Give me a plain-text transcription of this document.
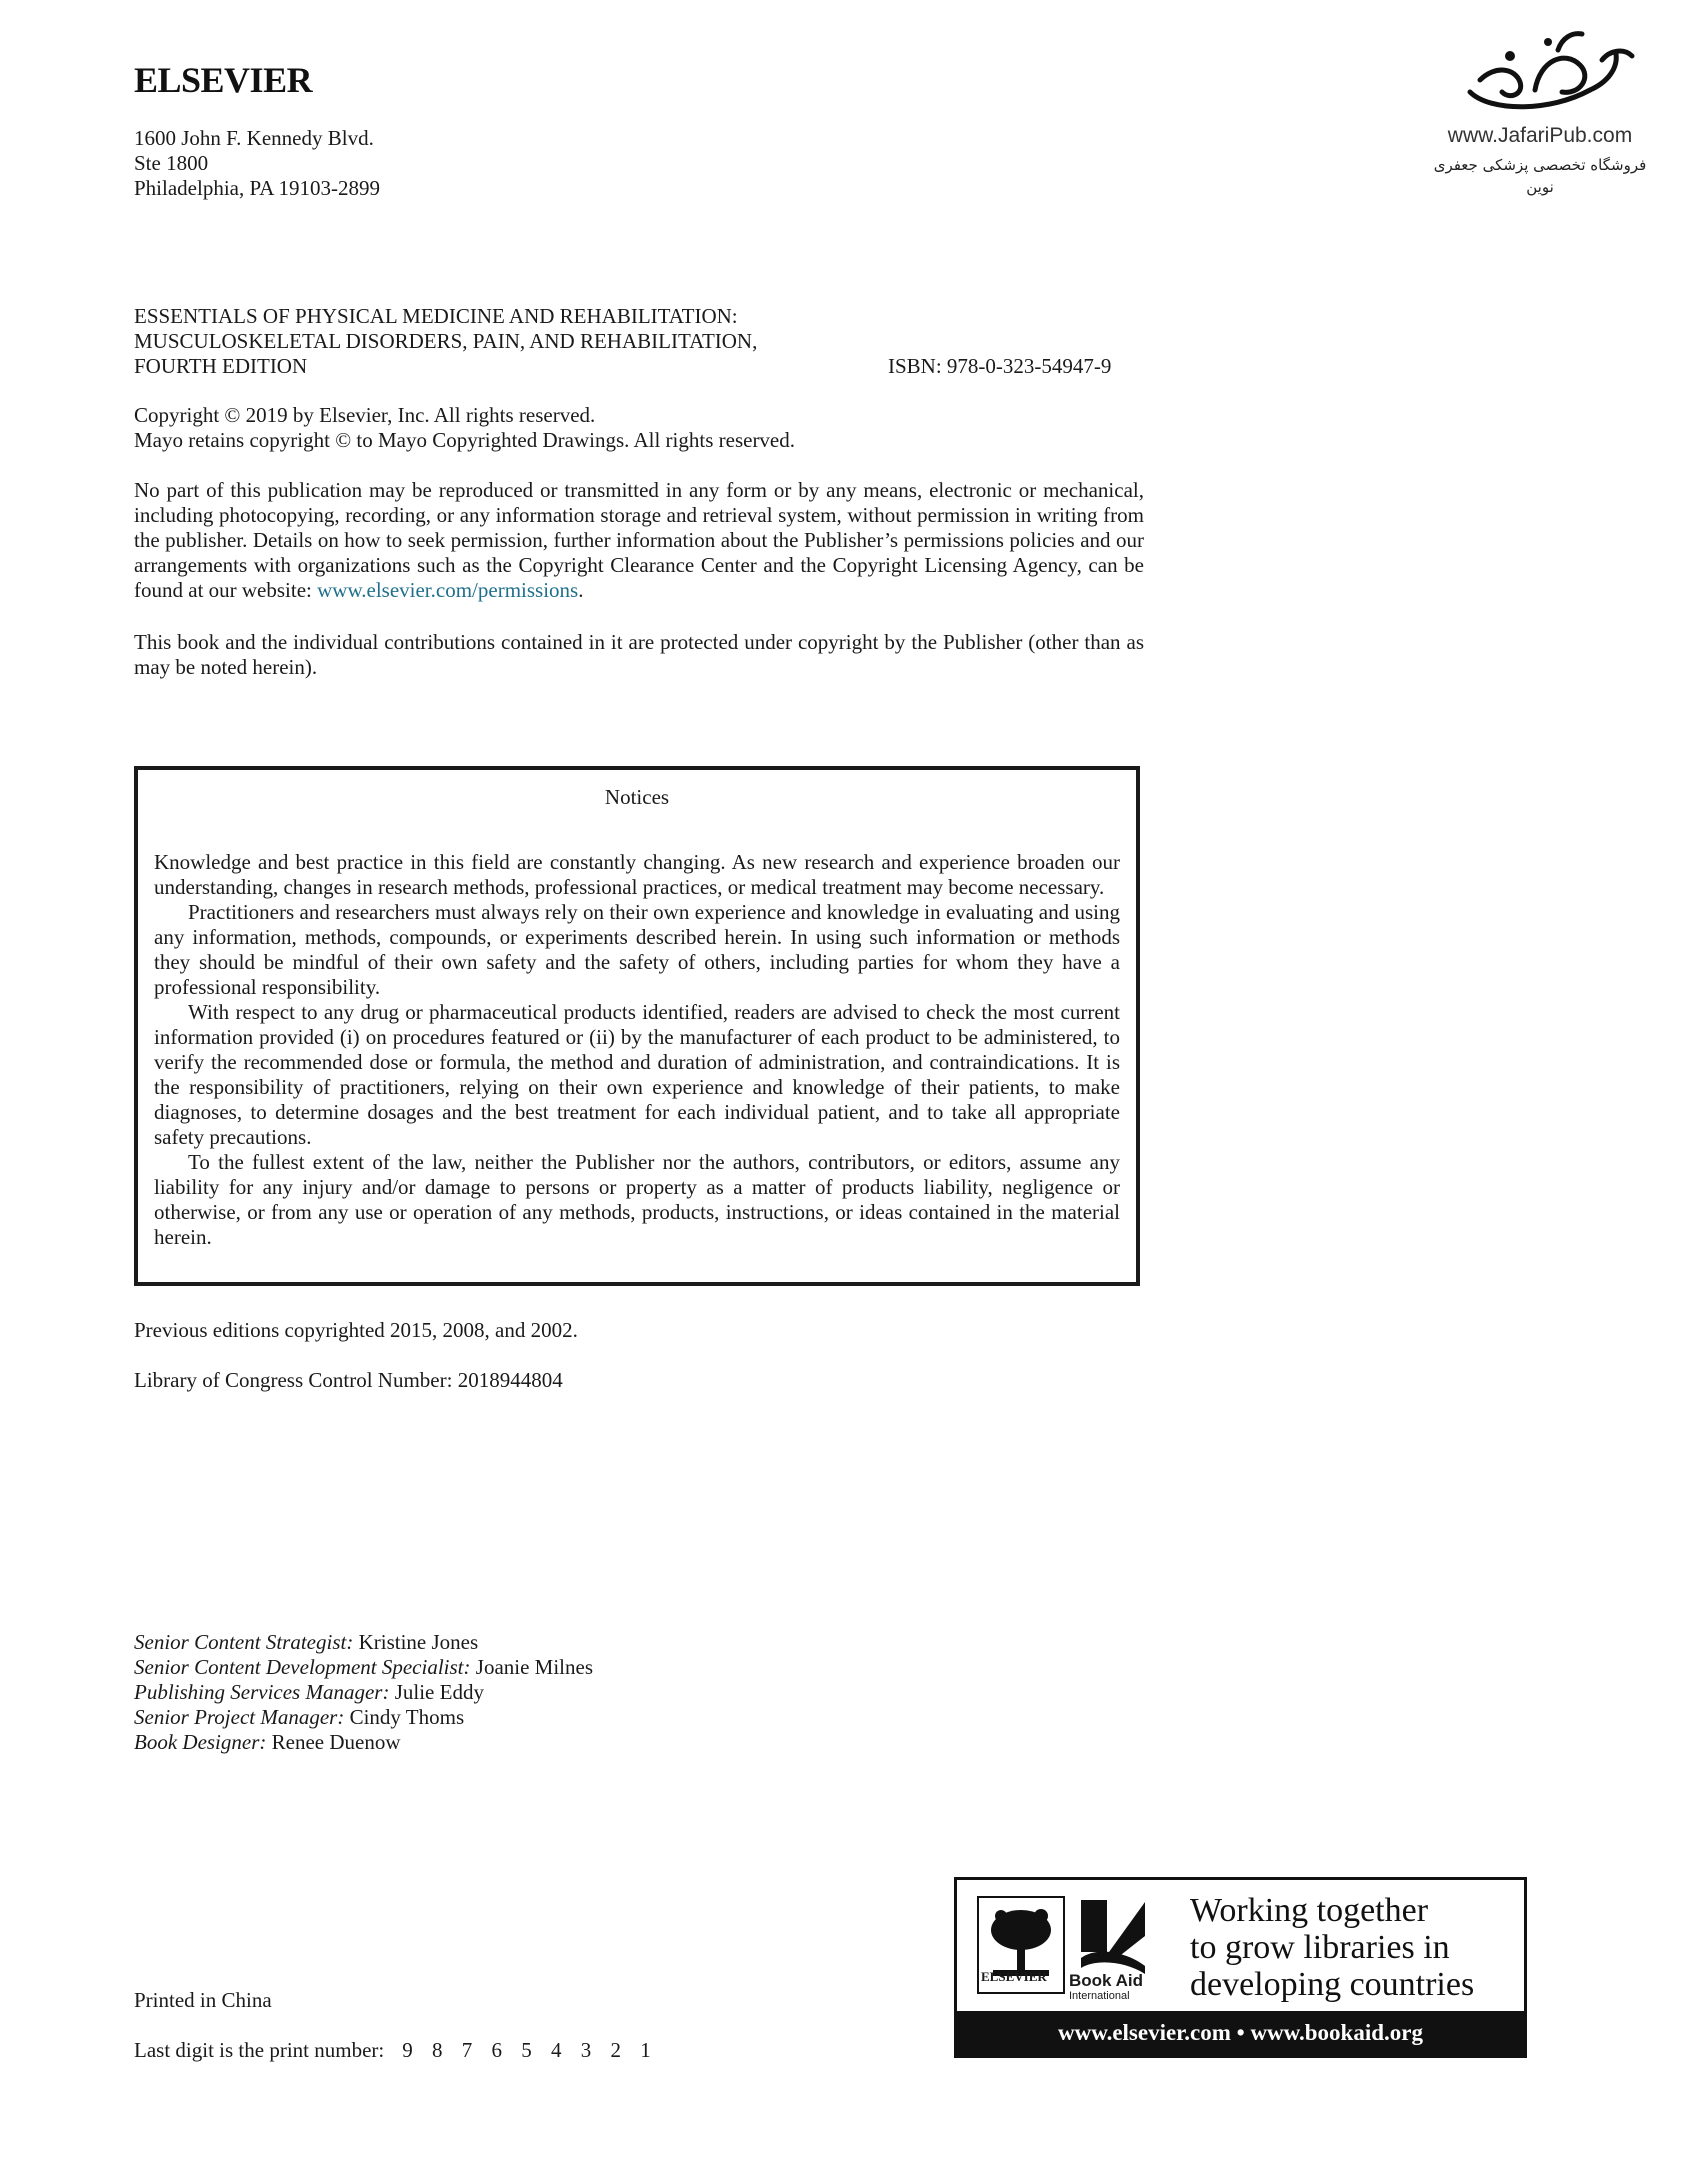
ELSEVIER
1600 John F. Kennedy Blvd.
Ste 1800
Philadelphia, PA 19103-2899
www.JafariPub.com
فروشگاه تخصصی پزشکی جعفری نوین
ESSENTIALS OF PHYSICAL MEDICINE AND REHABILITATION:
MUSCULOSKELETAL DISORDERS, PAIN, AND REHABILITATION,
FOURTH EDITION	ISBN: 978-0-323-54947-9
Copyright © 2019 by Elsevier, Inc. All rights reserved.
Mayo retains copyright © to Mayo Copyrighted Drawings. All rights reserved.
No part of this publication may be reproduced or transmitted in any form or by any means, electronic or mechanical, including photocopying, recording, or any information storage and retrieval system, without permission in writing from the publisher. Details on how to seek permission, further information about the Publisher’s permissions policies and our arrangements with organizations such as the Copyright Clearance Center and the Copyright Licensing Agency, can be found at our website: www.elsevier.com/permissions.
This book and the individual contributions contained in it are protected under copyright by the Publisher (other than as may be noted herein).
Notices

Knowledge and best practice in this field are constantly changing. As new research and experience broaden our understanding, changes in research methods, professional practices, or medical treatment may become necessary.

Practitioners and researchers must always rely on their own experience and knowledge in evaluating and using any information, methods, compounds, or experiments described herein. In using such information or methods they should be mindful of their own safety and the safety of others, including parties for whom they have a professional responsibility.

With respect to any drug or pharmaceutical products identified, readers are advised to check the most current information provided (i) on procedures featured or (ii) by the manufacturer of each product to be administered, to verify the recommended dose or formula, the method and duration of administration, and contraindications. It is the responsibility of practitioners, relying on their own experience and knowledge of their patients, to make diagnoses, to determine dosages and the best treatment for each individual patient, and to take all appropriate safety precautions.

To the fullest extent of the law, neither the Publisher nor the authors, contributors, or editors, assume any liability for any injury and/or damage to persons or property as a matter of products liability, negligence or otherwise, or from any use or operation of any methods, products, instructions, or ideas contained in the material herein.

Previous editions copyrighted 2015, 2008, and 2002.
Library of Congress Control Number: 2018944804
Senior Content Strategist: Kristine Jones
Senior Content Development Specialist: Joanie Milnes
Publishing Services Manager: Julie Eddy
Senior Project Manager: Cindy Thoms
Book Designer: Renee Duenow
Printed in China
Last digit is the print number: 9 8 7 6 5 4 3 2 1
Book Aid
International
ELSEVIER
Working together
to grow libraries in
developing countries
www.elsevier.com • www.bookaid.org
